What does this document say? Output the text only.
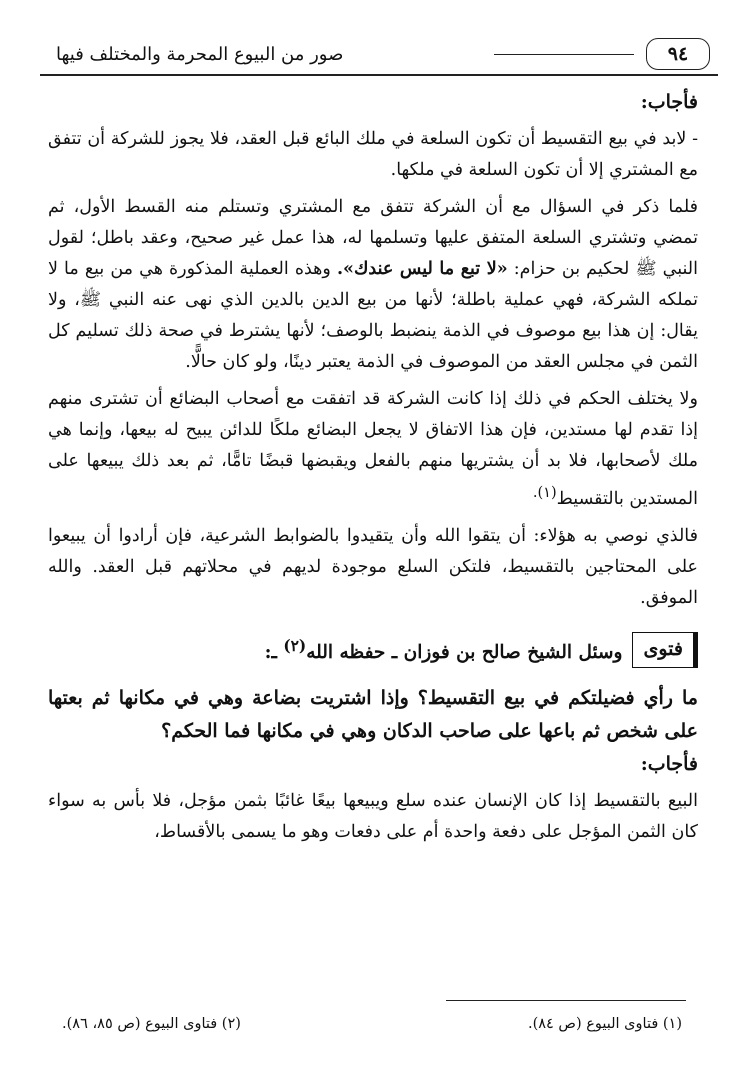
٩٤
صور من البيوع المحرمة والمختلف فيها

فأجاب:

- لابد في بيع التقسيط أن تكون السلعة في ملك البائع قبل العقد، فلا يجوز للشركة أن تتفق مع المشتري إلا أن تكون السلعة في ملكها.

فلما ذكر في السؤال مع أن الشركة تتفق مع المشتري وتستلم منه القسط الأول، ثم تمضي وتشتري السلعة المتفق عليها وتسلمها له، هذا عمل غير صحيح، وعقد باطل؛ لقول النبي ﷺ لحكيم بن حزام: «لا تبع ما ليس عندك». وهذه العملية المذكورة هي من بيع ما لا تملكه الشركة، فهي عملية باطلة؛ لأنها من بيع الدين بالدين الذي نهى عنه النبي ﷺ، ولا يقال: إن هذا بيع موصوف في الذمة ينضبط بالوصف؛ لأنها يشترط في صحة ذلك تسليم كل الثمن في مجلس العقد من الموصوف في الذمة يعتبر دينًا، ولو كان حالًّا.

ولا يختلف الحكم في ذلك إذا كانت الشركة قد اتفقت مع أصحاب البضائع أن تشترى منهم إذا تقدم لها مستدين، فإن هذا الاتفاق لا يجعل البضائع ملكًا للدائن يبيح له بيعها، وإنما هي ملك لأصحابها، فلا بد أن يشتريها منهم بالفعل ويقبضها قبضًا تامًّا، ثم بعد ذلك يبيعها على المستدين بالتقسيط$^{(١).}$

فالذي نوصي به هؤلاء: أن يتقوا الله وأن يتقيدوا بالضوابط الشرعية، فإن أرادوا أن يبيعوا على المحتاجين بالتقسيط، فلتكن السلع موجودة لديهم في محلاتهم قبل العقد. والله الموفق.

فتوى
وسئل الشيخ صالح بن فوزان ـ حفظه الله$^{(٢)}$ ـ:

ما رأي فضيلتكم في بيع التقسيط؟ وإذا اشتريت بضاعة وهي في مكانها ثم بعتها على شخص ثم باعها على صاحب الدكان وهي في مكانها فما الحكم؟

فأجاب:

البيع بالتقسيط إذا كان الإنسان عنده سلع ويبيعها بيعًا غائبًا بثمن مؤجل، فلا بأس به سواء كان الثمن المؤجل على دفعة واحدة أم على دفعات وهو ما يسمى بالأقساط،

(١) فتاوى البيوع (ص ٨٤).
(٢) فتاوى البيوع (ص ٨٥، ٨٦).
